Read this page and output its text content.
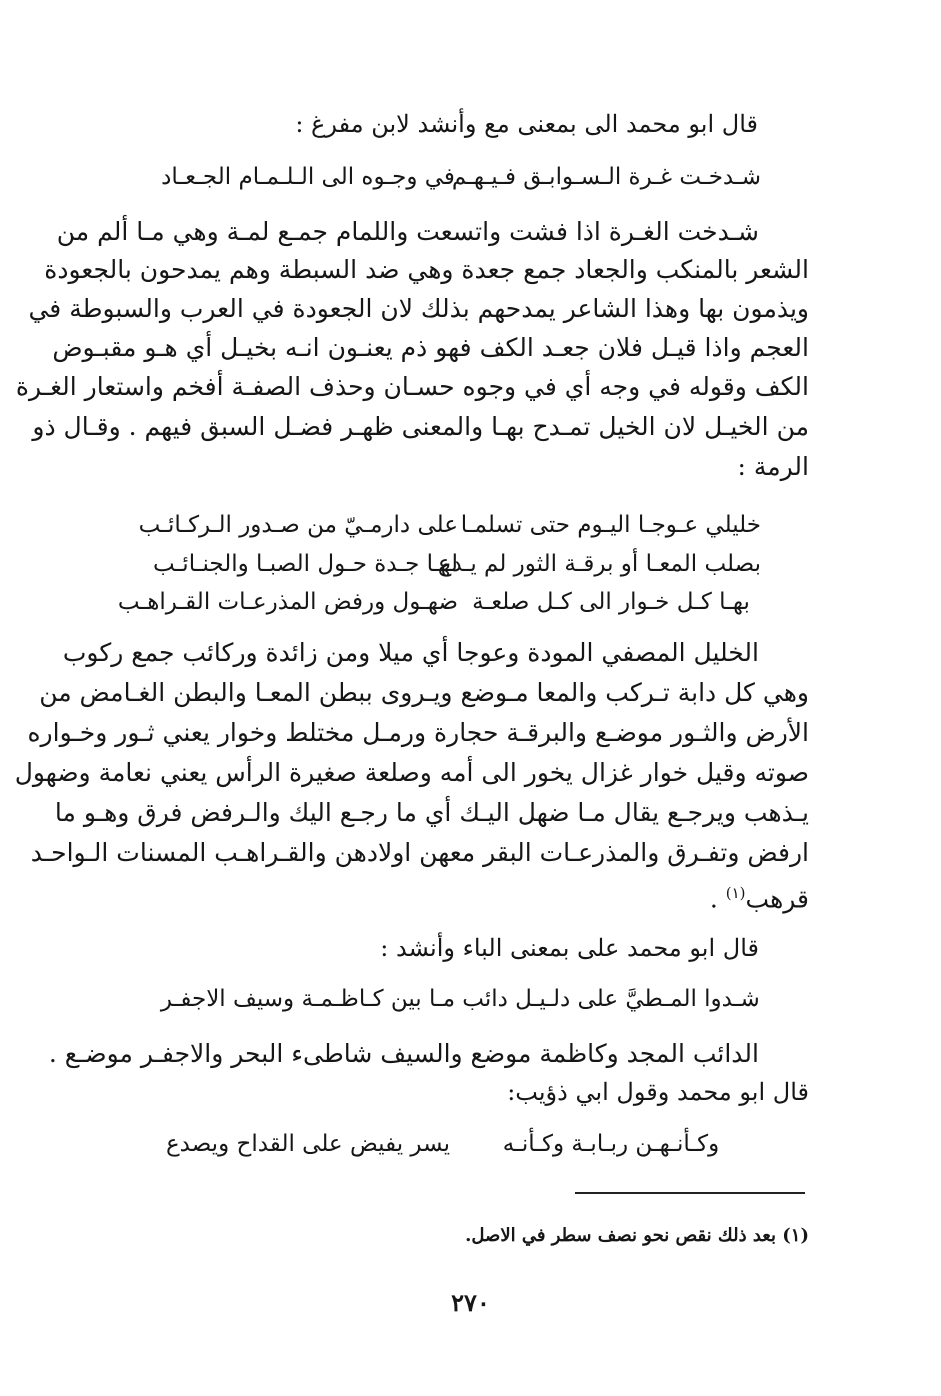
قال ابو محمد الى بمعنى مع وأنشد لابن مفرغ :
شـدخـت غـرة الـسـوابـق فـيـهـم
في وجـوه الى الـلـمـام الجـعـاد
شـدخت الغـرة اذا فشت واتسعت واللمام جمـع لمـة وهي مـا ألم من
الشعر بالمنكب والجعاد جمع جعدة وهي ضد السبطة وهم يمدحون بالجعودة
ويذمون بها وهذا الشاعر يمدحهم بذلك لان الجعودة في العرب والسبوطة في
العجم واذا قيـل فلان جعـد الكف فهو ذم يعنـون انـه بخيـل أي هـو مقبـوض
الكف وقوله في وجه أي في وجوه حسـان وحذف الصفـة أفخم واستعار الغـرة
من الخيـل لان الخيل تمـدح بهـا والمعنى ظهـر فضـل السبق فيهم . وقـال ذو
الرمة :
خليلي عـوجـا اليـوم حتى تسلمـا
على دارمـيّ من صـدور الـركـائـب
بصلب المعـا أو برقـة الثور لم يـدع
لهـا جـدة حـول الصبـا والجنـائـب
بهـا كـل خـوار الى كـل صلعـة
ضهـول ورفض المذرعـات القـراهـب
الخليل المصفي المودة وعوجا أي ميلا ومن زائدة وركائب جمع ركوب
وهي كل دابة تـركب والمعا مـوضع ويـروى ببطن المعـا والبطن الغـامض من
الأرض والثـور موضـع والبرقـة حجارة ورمـل مختلط وخوار يعني ثـور وخـواره
صوته وقيل خوار غزال يخور الى أمه وصلعة صغيرة الرأس يعني نعامة وضهول
يـذهب ويرجـع يقال مـا ضهل اليـك أي ما رجـع اليك والـرفض فرق وهـو ما
ارفض وتفـرق والمذرعـات البقر معهن اولادهن والقـراهـب المسنات الـواحـد
قرهب$^{(١)}$ .
قال ابو محمد على بمعنى الباء وأنشد :
شـدوا المـطيَّ على دلـيـل دائب
مـا بين كـاظـمـة وسيف الاجفـر
الدائب المجد وكاظمة موضع والسيف شاطىء البحر والاجفـر موضـع .
قال ابو محمد وقول ابي ذؤيب:
وكـأنـهـن ربـابـة وكـأنـه
يسر يفيض على القداح ويصدع
(١) بعد ذلك نقص نحو نصف سطر في الاصل.
٢٧٠
